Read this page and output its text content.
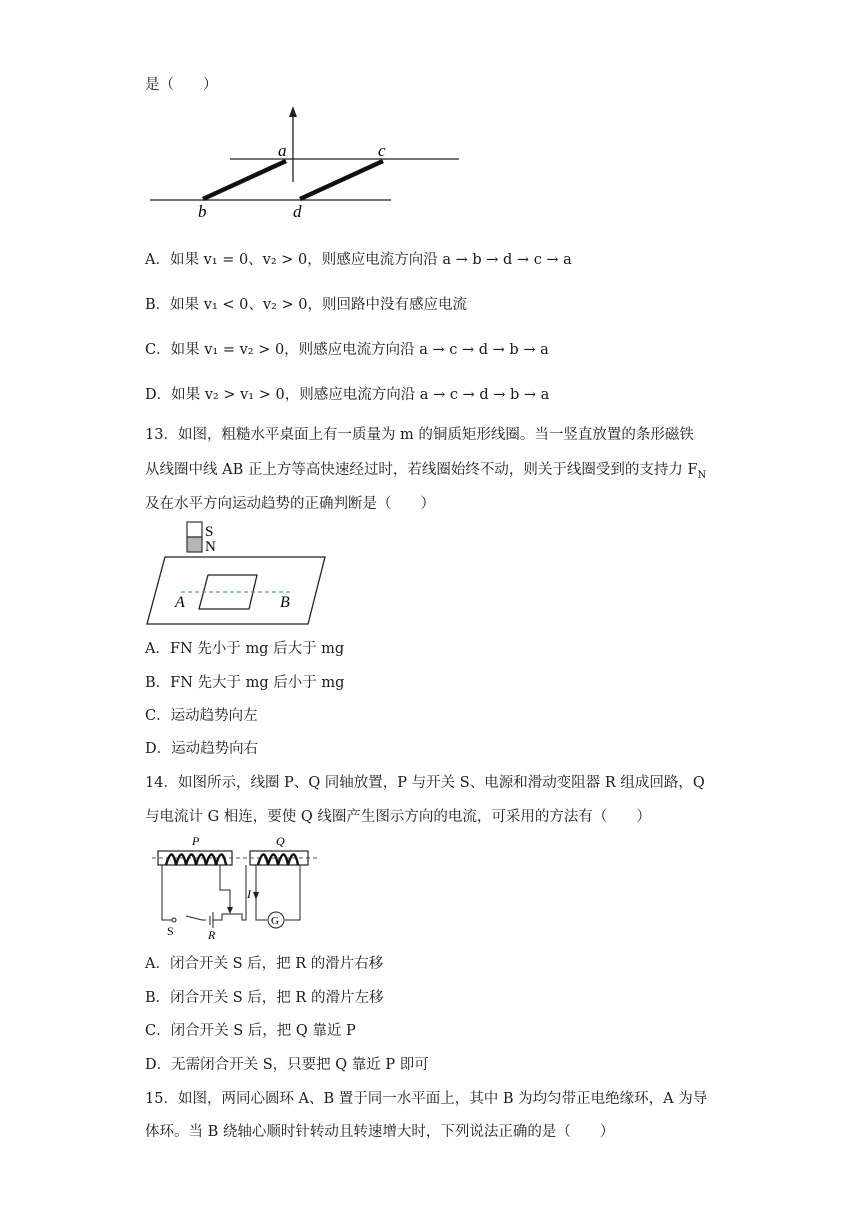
是（　　）
a	c
b	d
A．如果 v₁ = 0、v₂ > 0，则感应电流方向沿 a → b → d → c → a
B．如果 v₁ < 0、v₂ > 0，则回路中没有感应电流
C．如果 v₁ = v₂ > 0，则感应电流方向沿 a → c → d → b → a
D．如果 v₂ > v₁ > 0，则感应电流方向沿 a → c → d → b → a
13．如图，粗糙水平桌面上有一质量为 m 的铜质矩形线圈。当一竖直放置的条形磁铁
从线圈中线 AB 正上方等高快速经过时，若线圈始终不动，则关于线圈受到的支持力 $F_N$
及在水平方向运动趋势的正确判断是（　　）
S
N
A	B
A．FN 先小于 mg 后大于 mg
B．FN 先大于 mg 后小于 mg
C．运动趋势向左
D．运动趋势向右
14．如图所示，线圈 P、Q 同轴放置，P 与开关 S、电源和滑动变阻器 R 组成回路，Q
与电流计 G 相连，要使 Q 线圈产生图示方向的电流，可采用的方法有（　　）
P	Q
G
I
S	R
A．闭合开关 S 后，把 R 的滑片右移
B．闭合开关 S 后，把 R 的滑片左移
C．闭合开关 S 后，把 Q 靠近 P
D．无需闭合开关 S，只要把 Q 靠近 P 即可
15．如图，两同心圆环 A、B 置于同一水平面上，其中 B 为均匀带正电绝缘环，A 为导
体环。当 B 绕轴心顺时针转动且转速增大时，下列说法正确的是（　　）
